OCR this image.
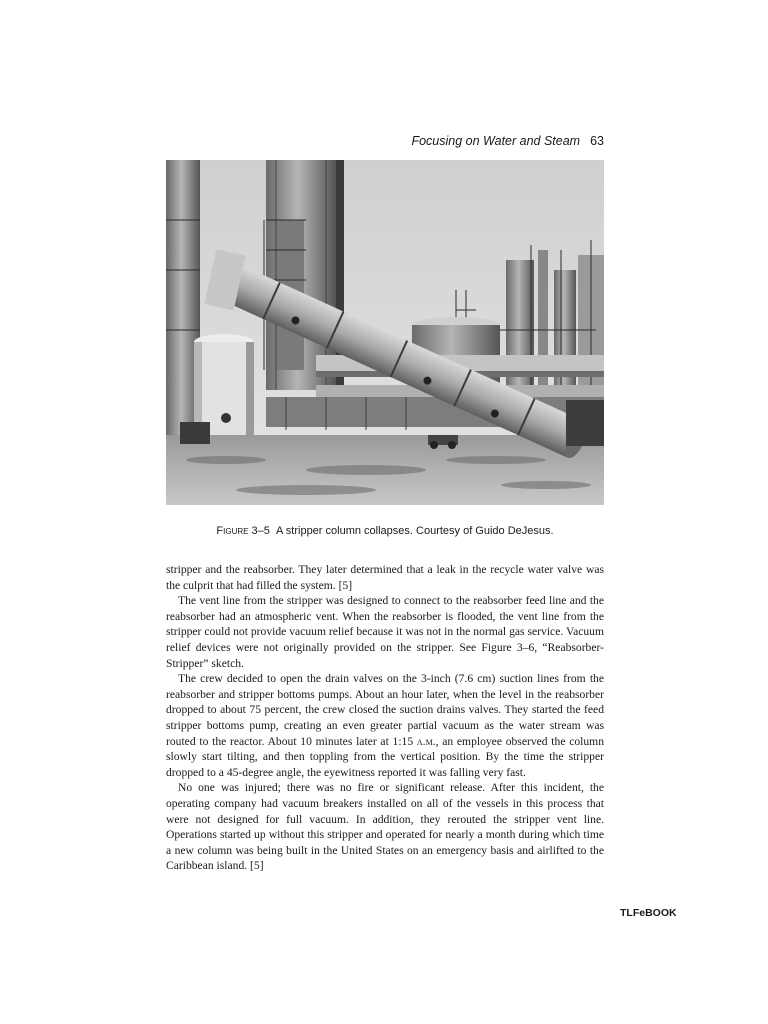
Focusing on Water and Steam 63
Figure 3–5 A stripper column collapses. Courtesy of Guido DeJesus.

stripper and the reabsorber. They later determined that a leak in the recycle water valve was the culprit that had filled the system. [5]

The vent line from the stripper was designed to connect to the reabsorber feed line and the reabsorber had an atmospheric vent. When the reabsorber is flooded, the vent line from the stripper could not provide vacuum relief because it was not in the normal gas service. Vacuum relief devices were not originally provided on the stripper. See Figure 3–6, “Reabsorber-Stripper” sketch.

The crew decided to open the drain valves on the 3-inch (7.6 cm) suction lines from the reabsorber and stripper bottoms pumps. About an hour later, when the level in the reabsorber dropped to about 75 percent, the crew closed the suction drains valves. They started the feed stripper bottoms pump, creating an even greater partial vacuum as the water stream was routed to the reactor. About 10 minutes later at 1:15 a.m., an employee observed the column slowly start tilting, and then toppling from the vertical position. By the time the stripper dropped to a 45-degree angle, the eyewitness reported it was falling very fast.

No one was injured; there was no fire or significant release. After this incident, the operating company had vacuum breakers installed on all of the vessels in this process that were not designed for full vacuum. In addition, they rerouted the stripper vent line. Operations started up without this stripper and operated for nearly a month during which time a new column was being built in the United States on an emergency basis and airlifted to the Caribbean island. [5]

TLFeBOOK
